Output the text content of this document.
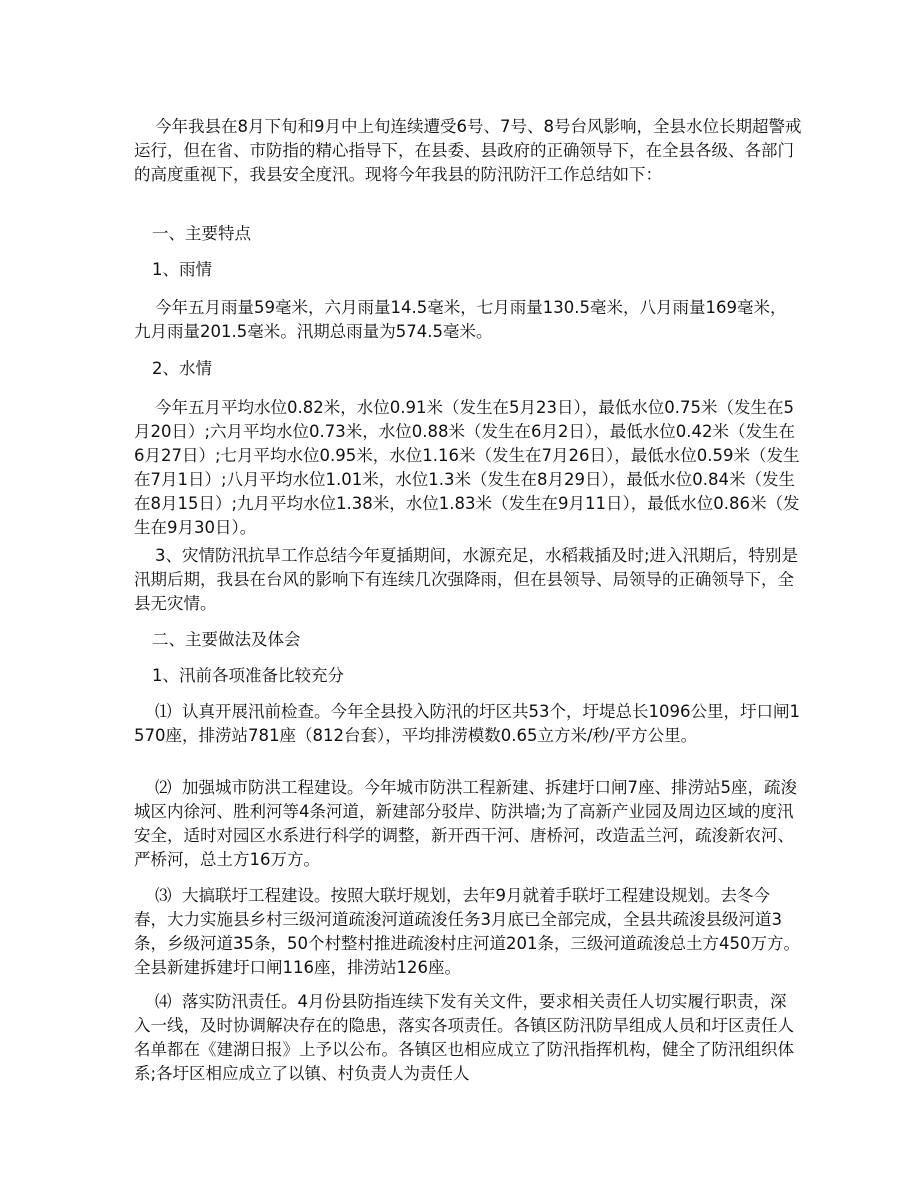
今年我县在8月下旬和9月中上旬连续遭受6号、7号、8号台风影响，全县水位长期超警戒运行，但在省、市防指的精心指导下，在县委、县政府的正确领导下，在全县各级、各部门的高度重视下，我县安全度汛。现将今年我县的防汛防汗工作总结如下：
一、主要特点
1、雨情
今年五月雨量59毫米，六月雨量14.5毫米，七月雨量130.5毫米，八月雨量169毫米，九月雨量201.5毫米。汛期总雨量为574.5毫米。
2、水情
今年五月平均水位0.82米，水位0.91米（发生在5月23日），最低水位0.75米（发生在5月20日）;六月平均水位0.73米，水位0.88米（发生在6月2日），最低水位0.42米（发生在6月27日）;七月平均水位0.95米，水位1.16米（发生在7月26日），最低水位0.59米（发生在7月1日）;八月平均水位1.01米，水位1.3米（发生在8月29日），最低水位0.84米（发生在8月15日）;九月平均水位1.38米，水位1.83米（发生在9月11日），最低水位0.86米（发生在9月30日）。
3、灾情防汛抗旱工作总结今年夏插期间，水源充足，水稻栽插及时;进入汛期后，特别是汛期后期，我县在台风的影响下有连续几次强降雨，但在县领导、局领导的正确领导下，全县无灾情。
二、主要做法及体会
1、汛前各项准备比较充分
⑴  认真开展汛前检查。今年全县投入防汛的圩区共53个，圩堤总长1096公里，圩口闸1570座，排涝站781座（812台套），平均排涝模数0.65立方米/秒/平方公里。
⑵  加强城市防洪工程建设。今年城市防洪工程新建、拆建圩口闸7座、排涝站5座，疏浚城区内徐河、胜利河等4条河道，新建部分驳岸、防洪墙;为了高新产业园及周边区域的度汛安全，适时对园区水系进行科学的调整，新开西干河、唐桥河，改造盂兰河，疏浚新农河、严桥河，总土方16万方。
⑶  大搞联圩工程建设。按照大联圩规划，去年9月就着手联圩工程建设规划。去冬今春，大力实施县乡村三级河道疏浚河道疏浚任务3月底已全部完成，全县共疏浚县级河道3条，乡级河道35条，50个村整村推进疏浚村庄河道201条，三级河道疏浚总土方450万方。全县新建拆建圩口闸116座，排涝站126座。
⑷  落实防汛责任。4月份县防指连续下发有关文件，要求相关责任人切实履行职责，深入一线，及时协调解决存在的隐患，落实各项责任。各镇区防汛防旱组成人员和圩区责任人名单都在《建湖日报》上予以公布。各镇区也相应成立了防汛指挥机构，健全了防汛组织体系;各圩区相应成立了以镇、村负责人为责任人
